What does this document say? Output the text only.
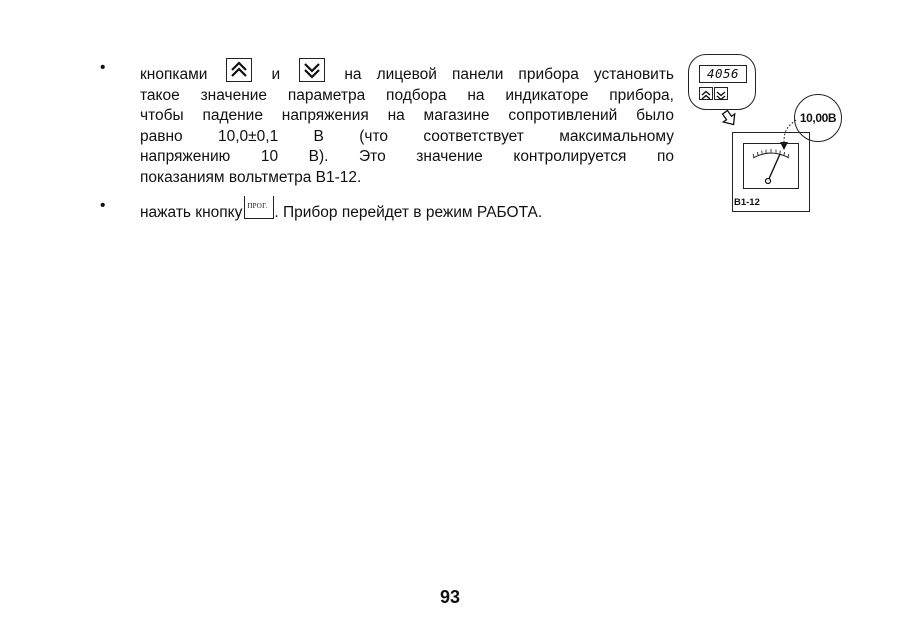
• кнопками	и	на лицевой панели прибора установить
такое значение параметра подбора на индикаторе прибора,
чтобы падение напряжения на магазине сопротивлений было
равно 10,0±0,1 В (что соответствует максимальному
напряжению 10 В). Это значение контролируется по
показаниям вольтметра В1-12.
• нажать кнопку ПРОГ. . Прибор перейдет в режим РАБОТА.
4056
10,00В
В1-12
93
